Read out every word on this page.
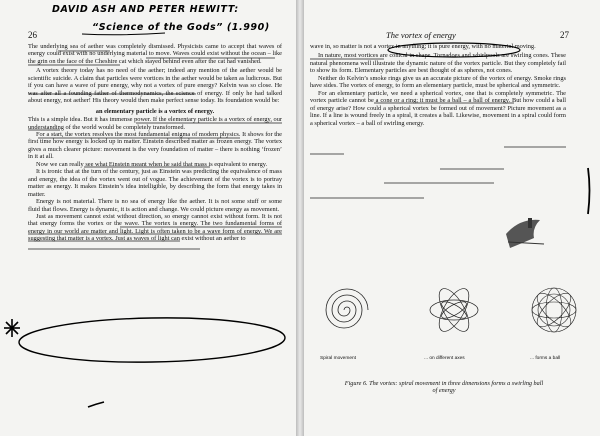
DAVID ASH AND PETER HEWITT:
“Science of the Gods” (1.990)
26

The underlying sea of aether was completely dismissed. Physicists came to accept that waves of energy could exist with no underlying material to move. Waves could exist without the ocean – like the grin on the face of the Cheshire cat which stayed behind even after the cat had vanished.

A vortex theory today has no need of the aether; indeed any mention of the aether would be scientific suicide. A claim that particles were vortices in the aether would be taken as ludicrous. But if you can have a wave of pure energy, why not a vortex of pure energy? Kelvin was so close. He was after all a founding father of thermodynamics, the science of energy. If only he had talked about energy, not aether! His theory would then make perfect sense today. Its foundation would be:

an elementary particle is a vortex of energy.

This is a simple idea. But it has immense power. If the elementary particle is a vortex of energy, our understanding of the world would be completely transformed.

For a start, the vortex resolves the most fundamental enigma of modern physics. It shows for the first time how energy is locked up in matter. Einstein described matter as frozen energy. The vortex gives a much clearer picture: movement is the very foundation of matter – there is nothing ‘frozen’ in it at all.

Now we can really see what Einstein meant when he said that mass is equivalent to energy.

It is ironic that at the turn of the century, just as Einstein was predicting the equivalence of mass and energy, the idea of the vortex went out of vogue. The achievement of the vortex is to portray matter as energy. It makes Einstein’s idea intelligible, by describing the form that energy takes in matter.

Energy is not material. There is no sea of energy like the aether. It is not some stuff or some fluid that flows. Energy is dynamic, it is action and change. We could picture energy as movement.

Just as movement cannot exist without direction, so energy cannot exist without form. It is not that energy forms the vortex or the wave. The vortex is energy. The two fundamental forms of energy in our world are matter and light. Light is often taken to be a wave form of energy. We are suggesting that matter is a vortex. Just as waves of light can exist without an aether to

The vortex of energy	27

wave in, so matter is not a vortex in anything; it is pure energy, with no material moving.

In nature, most vortices are conical in shape. Tornadoes and whirlpools are swirling cones. These natural phenomena well illustrate the dynamic nature of the vortex particle. But they completely fail to show its form. Elementary particles are best thought of as spheres, not cones.

Neither do Kelvin’s smoke rings give us an accurate picture of the vortex of energy. Smoke rings have sides. The vortex of energy, to form an elementary particle, must be spherical and symmetric.

For an elementary particle, we need a spherical vortex, one that is completely symmetric. The vortex particle cannot be a cone or a ring; it must be a ball – a ball of energy. But how could a ball of energy arise? How could a spherical vortex be formed out of movement? Picture movement as a line. If a line is wound freely in a spiral, it creates a ball. Likewise, movement in a spiral could form a spherical vortex – a ball of swirling energy.

Spiral movement	... on different axes	... forms a ball
Figure 6. The vortex: spiral movement in three dimensions forms a swirling ball of energy
